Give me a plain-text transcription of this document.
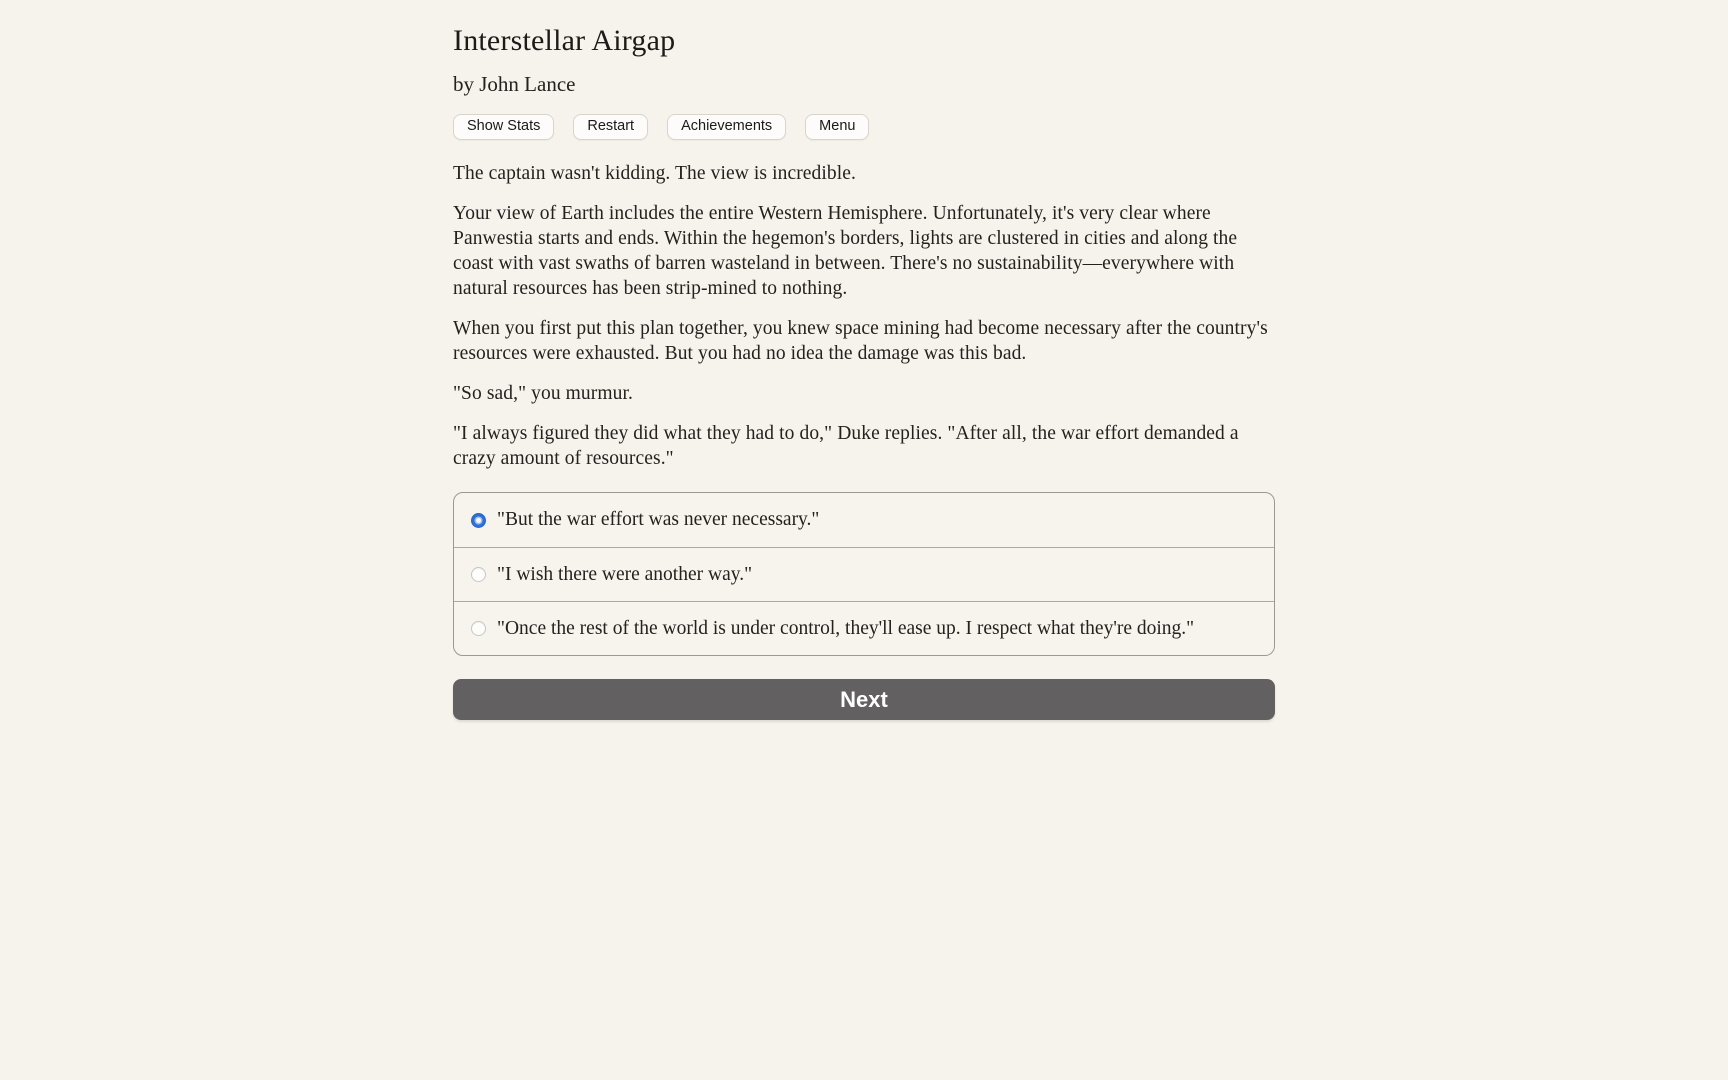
Interstellar Airgap
by John Lance
Show Stats	Restart	Achievements	Menu

The captain wasn't kidding. The view is incredible.

Your view of Earth includes the entire Western Hemisphere. Unfortunately, it's very clear where Panwestia starts and ends. Within the hegemon's borders, lights are clustered in cities and along the coast with vast swaths of barren wasteland in between. There's no sustainability—everywhere with natural resources has been strip-mined to nothing.

When you first put this plan together, you knew space mining had become necessary after the country's resources were exhausted. But you had no idea the damage was this bad.

"So sad," you murmur.

"I always figured they did what they had to do," Duke replies. "After all, the war effort demanded a crazy amount of resources."

"But the war effort was never necessary."
"I wish there were another way."
"Once the rest of the world is under control, they'll ease up. I respect what they're doing."
Next
